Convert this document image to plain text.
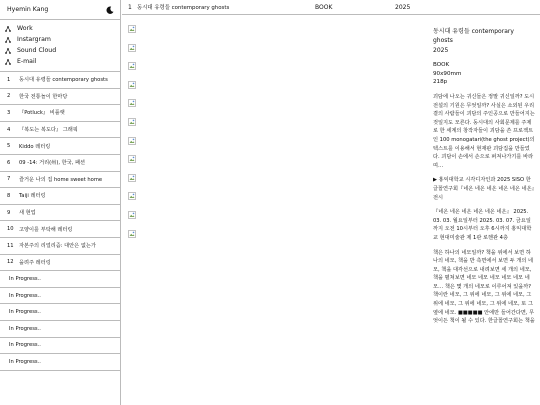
Hyemin Kang
Work
Instargram
Sound Cloud
E-mail
1	동시대 유령들 contemporary ghosts
2	한국 전통놀이 한마당
3	『Potluck』 비플랫
4	『복도는 복도다』 그래픽
5	Kiddo 레터링
6	09 -14: 거리(州), 한국, 패션
7	즐거운 나의 집 home sweet home
8	Taiji 레터링
9	새 현업
10	고양이를 부탁해 레터링
11	자본주의 리얼리즘: 대안은 없는가
12	을려주 레터링
In Progress..
In Progress..
In Progress..
In Progress..
In Progress..
In Progress..
1 동시대 유령들 contemporary ghosts	BOOK	2025

동시대 유령들 contemporary ghosts
2025

BOOK
90x90mm
218p

괴담에 나오는 귀신들은 정말 귀신일까? 도시 전설의 기원은 무엇일까? 사실은 소외된 우리 곁의 사람들이 괴담의 주인공으로 만들어지는 것일지도 모른다. 동시대의 사회문제를 주제로 한 세계의 창작자들이 괴담을 쓴 프로젝트인 100 monogatari(the ghost project)의 텍스트를 이용해서 현재판 괴담집을 만들었다. 괴담이 손에서 손으로 퍼져나가기를 바라며…

▶ 홍익대학교 시각디자인과 2025 SISO 한글꼴연구회『네온 네온 네온 네온 네온 네온』전시

『네온 네온 네온 네온 네온 네온』 2025. 03. 03. 월요일부터 2025. 03. 07. 금요일까지 오전 10시부터 오후 6시까지 홍익대학교 현대미술관 제 1관 로헨관 4층

책은 하나의 네모일까? 책을 위에서 보면 하나의 네모, 책을 반 측면에서 보면 두 개의 네모, 책을 대각선으로 내려보면 세 개의 네모, 책을 펼쳐보면 네모 네모 네모 네모 네모 네모… 책은 몇 개의 네모로 이루어져 있을까? 책이란 네모, 그 위에 네모, 그 위에 네모, 그 위에 네모, 그 위에 네모, 그 위에 네모, 또 그 옆에 네모. ■■■■■ 안에만 들어간다면, 무엇이든 책이 될 수 있다. 한글꼴연구회는 책을
